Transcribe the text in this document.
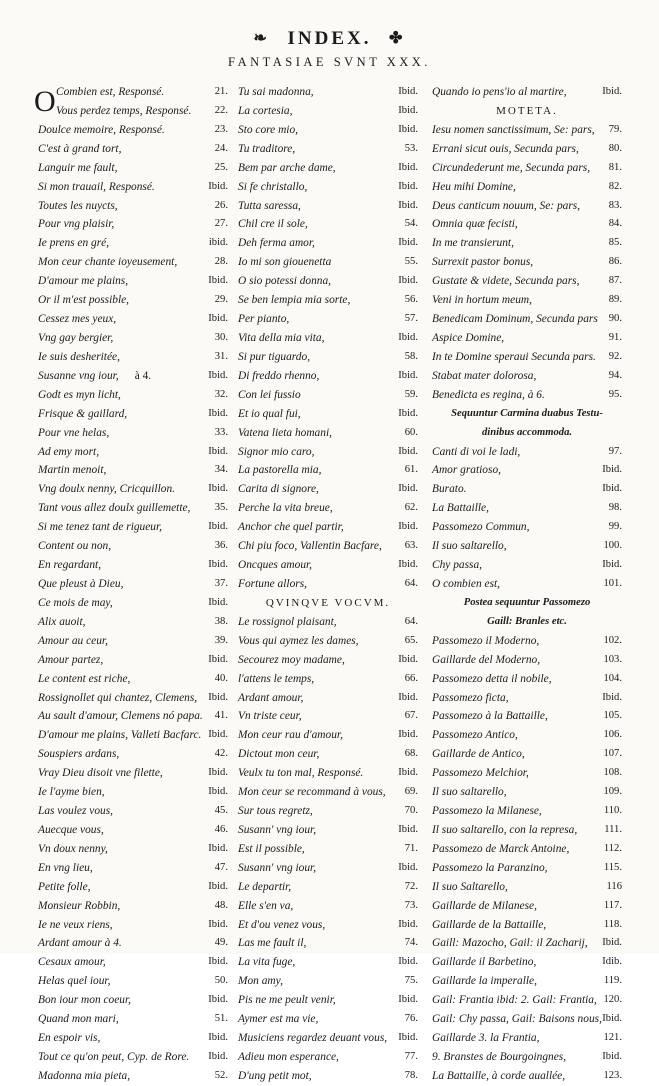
❧ INDEX. ✤
FANTASIAE SVNT XXX.
O Combien est, Responsé.	21.
Vous perdez temps, Responsé. 22.
Doulce memoire, Responsé.	23.
C'est à grand tort,	24.
Languir me fault,	25.
Si mon trauail, Responsé.	Ibid.
Toutes les nuycts,	26.
Pour vng plaisir,	27.
Ie prens en gré,	ibid.
Mon ceur chante ioyeusement,	28.
D'amour me plains,	Ibid.
Or il m'est possible,	29.
Cessez mes yeux,	Ibid.
Vng gay bergier,	30.
Ie suis desheritée,	31.
Susanne vng iour, à 4.	Ibid.
Godt es myn licht,	32.
Frisque & gaillard,	Ibid.
Pour vne helas,	33.
Ad emy mort,	Ibid.
Martin menoit,	34.
Vng doulx nenny, Cricquillon.	Ibid.
Tant vous allez doulx guillemette, 35.
Si me tenez tant de rigueur,	Ibid.
Content ou non,	36.
En regardant,	Ibid.
Que pleust à Dieu,	37.
Ce mois de may,	Ibid.
Alix auoit,	38.
Amour au ceur,	39.
Amour partez,	Ibid.
Le content est riche,	40.
Rossignollet qui chantez, Clemens, Ibid.
Au sault d'amour, Clemens nó papa. 41.
D'amour me plains, Valleti Bacfarc. Ibid.
Souspiers ardans,	42.
Vray Dieu disoit vne filette,	Ibid.
Ie l'ayme bien,	Ibid.
Las voulez vous,	45.
Auecque vous,	46.
Vn doux nenny,	Ibid.
En vng lieu,	47.
Petite folle,	Ibid.
Monsieur Robbin,	48.
Ie ne veux riens,	Ibid.
Ardant amour à 4.	49.
Cesaux amour,	Ibid.
Helas quel iour,	50.
Bon iour mon coeur,	Ibid.
Quand mon mari,	51.
En espoir vis,	Ibid.
Tout ce qu'on peut, Cyp. de Rore. Ibid.
Madonna mia pieta,	52.
Tu sai madonna,	Ibid.
La cortesia,	Ibid.
Sto core mio,	Ibid.
Tu traditore,	53.
Bem par arche dame,	Ibid.
Si fe christallo,	Ibid.
Tutta saressa,	Ibid.
Chil cre il sole,	54.
Deh ferma amor,	Ibid.
Io mi son giouenetta	55.
O sio potessi donna,	Ibid.
Se ben lempia mia sorte,	56.
Per pianto,	57.
Vita della mia vita,	Ibid.
Si pur tiguardo,	58.
Di freddo rhenno,	Ibid.
Con lei fussio	59.
Et io qual fui,	Ibid.
Vatena lieta homani,	60.
Signor mio caro,	Ibid.
La pastorella mia,	61.
Carita di signore,	Ibid.
Perche la vita breue,	62.
Anchor che quel partir,	Ibid.
Chi piu foco, Vallentin Bacfare, 63.
Oncques amour,	Ibid.
Fortune allors,	64.
QVINQVE VOCVM.
Le rossignol plaisant,	64.
Vous qui aymez les dames,	65.
Secourez moy madame,	Ibid.
l'attens le temps,	66.
Ardant amour,	Ibid.
Vn triste ceur,	67.
Mon ceur rau d'amour,	Ibid.
Dictout mon ceur,	68.
Veulx tu ton mal, Responsé.	Ibid.
Mon ceur se recommand à vous, 69.
Sur tous regretz,	70.
Susann' vng iour,	Ibid.
Est il possible,	71.
Susann' vng iour,	Ibid.
Le departir,	72.
Elle s'en va,	73.
Et d'ou venez vous,	Ibid.
Las me fault il,	74.
La vita fuge,	Ibid.
Mon amy,	75.
Pis ne me peult venir,	Ibid.
Aymer est ma vie,	76.
Musiciens regardez deuant vous, Ibid.
Adieu mon esperance,	77.
D'ung petit mot,	78.
Quando io pens'io al martire,	Ibid.
MOTETA.
Iesu nomen sanctissimum, Se: pars, 79.
Errani sicut ouis, Secunda pars,	80.
Circundederunt me, Secunda pars, 81.
Heu mihi Domine,	82.
Deus canticum nouum, Se: pars,	83.
Omnia quæ fecisti,	84.
In me transierunt,	85.
Surrexit pastor bonus,	86.
Gustate & videte, Secunda pars,	87.
Veni in hortum meum,	89.
Benedicam Dominum, Secunda pars 90.
Aspice Domine,	91.
In te Domine speraui Secunda pars. 92.
Stabat mater dolorosa,	94.
Benedicta es regina, à 6.	95.
Sequuntur Carmina duabus Testu-
dinibus accommoda.
Canti di voi le ladi,	97.
Amor gratioso,	Ibid.
Burato.	Ibid.
La Battaille,	98.
Passomezo Commun,	99.
Il suo saltarello,	100.
Chy passa,	Ibid.
O combien est,	101.
Postea sequuntur Passomezo
Gaill: Branles etc.
Passomezo il Moderno,	102.
Gaillarde del Moderno,	103.
Passomezo detta il nobile,	104.
Passomezo ficta,	Ibid.
Passomezo à la Battaille,	105.
Passomezo Antico,	106.
Gaillarde de Antico,	107.
Passomezo Melchior,	108.
Il suo saltarello,	109.
Passomezo la Milanese,	110.
Il suo saltarello, con la represa,	111.
Passomezo de Marck Antoine,	112.
Passomezo la Paranzino,	115.
Il suo Saltarello,	116
Gaillarde de Milanese,	117.
Gaillarde de la Battaille,	118.
Gaill: Mazocho, Gail: il Zacharij, Ibid.
Gaillarde il Barbetino,	Idib.
Gaillarde la imperalle,	119.
Gail: Frantia ibid: 2. Gail: Frantia, 120.
Gail: Chy passa, Gail: Baisons nous, Ibid.
Gaillarde 3. la Frantia,	121.
9. Branstes de Bourgoingnes,	Ibid.
La Battaille, à corde auallée,	123.
